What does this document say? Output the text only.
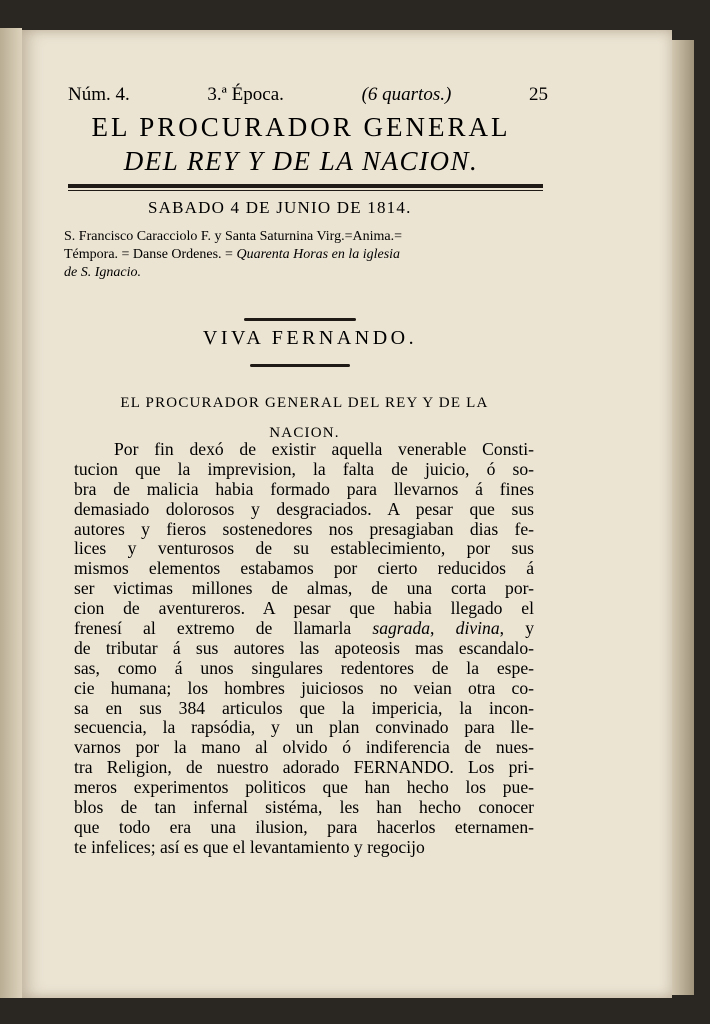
Núm. 4.	3.ª Época.	(6 quartos.)	25
EL PROCURADOR GENERAL
DEL REY Y DE LA NACION.
SABADO 4 DE JUNIO DE 1814.
S. Francisco Caracciolo F. y Santa Saturnina Virg.=Anima.=
Témpora. = Danse Ordenes. = Quarenta Horas en la iglesia
de S. Ignacio.
VIVA FERNANDO.
EL PROCURADOR GENERAL DEL REY Y DE LA
NACION.
Por fin dexó de existir aquella venerable Consti-
tucion que la imprevision, la falta de juicio, ó so-
bra de malicia habia formado para llevarnos á fines
demasiado dolorosos y desgraciados. A pesar que sus
autores y fieros sostenedores nos presagiaban dias fe-
lices y venturosos de su establecimiento, por sus
mismos elementos estabamos por cierto reducidos á
ser victimas millones de almas, de una corta por-
cion de aventureros. A pesar que habia llegado el
frenesí al extremo de llamarla sagrada, divina, y
de tributar á sus autores las apoteosis mas escandalo-
sas, como á unos singulares redentores de la espe-
cie humana; los hombres juiciosos no veian otra co-
sa en sus 384 articulos que la impericia, la incon-
secuencia, la rapsódia, y un plan convinado para lle-
varnos por la mano al olvido ó indiferencia de nues-
tra Religion, de nuestro adorado FERNANDO. Los pri-
meros experimentos politicos que han hecho los pue-
blos de tan infernal sistéma, les han hecho conocer
que todo era una ilusion, para hacerlos eternamen-
te infelices; así es que el levantamiento y regocijo
